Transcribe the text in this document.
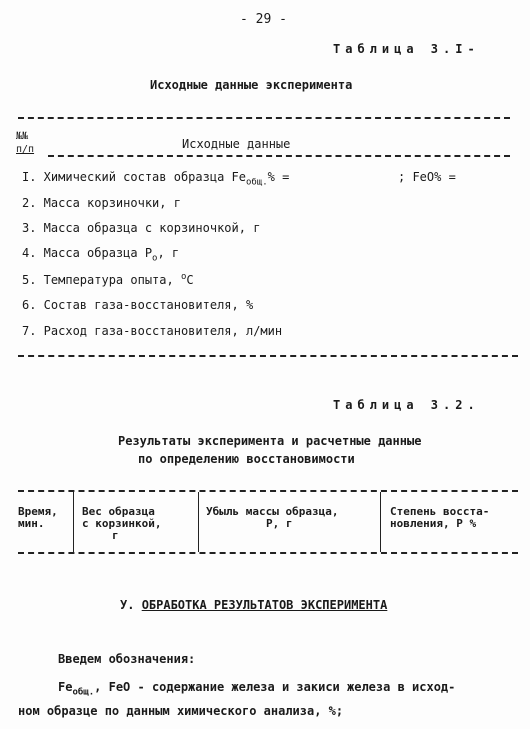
- 29 -
Таблица 3.I-
Исходные данные эксперимента
№№
п/п	Исходные данные
I. Химический состав образца $Fe_{общ.}\%$ =	; FeO% =
2. Масса корзиночки, г
3. Масса образца с корзиночкой, г
4. Масса образца $P_o$, г
5. Температура опыта, $^o$C
6. Состав газа-восстановителя, %
7. Расход газа-восстановителя, л/мин
Таблица 3.2.
Результаты эксперимента и расчетные данные
по определению восстановимости
Время,
мин.
Вес образца
с корзинкой,
г
Убыль массы образца,
P, г
Степень восста-
новления, P %
У. ОБРАБОТКА РЕЗУЛЬТАТОВ ЭКСПЕРИМЕНТА
Введем обозначения:
$Fe_{общ.}$, FeO - содержание железа и закиси железа в исход-
ном образце по данным химического анализа, %;
